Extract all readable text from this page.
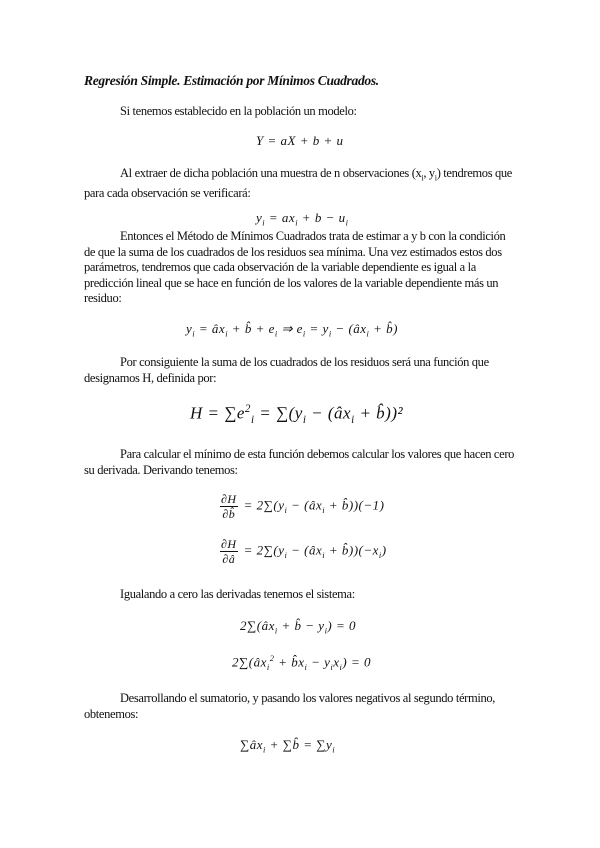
Regresión Simple. Estimación por Mínimos Cuadrados.
Si tenemos establecido en la población un modelo:
Y = aX + b + u
Al extraer de dicha población una muestra de n observaciones ($x_i$, $y_i$) tendremos que para cada observación se verificará:
$y_i = ax_i + b - u_i$
Entonces el Método de Mínimos Cuadrados trata de estimar a y b con la condición de que la suma de los cuadrados de los residuos sea mínima. Una vez estimados estos dos parámetros, tendremos que cada observación de la variable dependiente es igual a la predicción lineal que se hace en función de los valores de la variable dependiente más un residuo:
$y_i$ = $âx_i$ + b̂ + $e_i$ ⇒ $e_i = y_i$ − ($âx_i$ + b̂)
Por consiguiente la suma de los cuadrados de los residuos será una función que designamos H, definida por:
$H = \sum e^2_i = \sum(y_i$ − ($âx_i$ + b̂))²
Para calcular el mínimo de esta función debemos calcular los valores que hacen cero su derivada. Derivando tenemos:
$\frac{\partial H}{\partial b̂} = 2\sum(y_i$ − ($âx_i$ + b̂))(−1)
$\frac{\partial H}{\partial â} = 2\sum(y_i$ − ($âx_i$ + $b̂))(-x_i)$
Igualando a cero las derivadas tenemos el sistema:
$2\sum(âx_i$ + b̂ − $y_i) = 0$
$2\sum(âx_i^2$ + $b̂x_i - y_ix_i) = 0$
Desarrollando el sumatorio, y pasando los valores negativos al segundo término, obtenemos:
$\sum âx_i$ + ∑b̂ = $\sum y_i$
